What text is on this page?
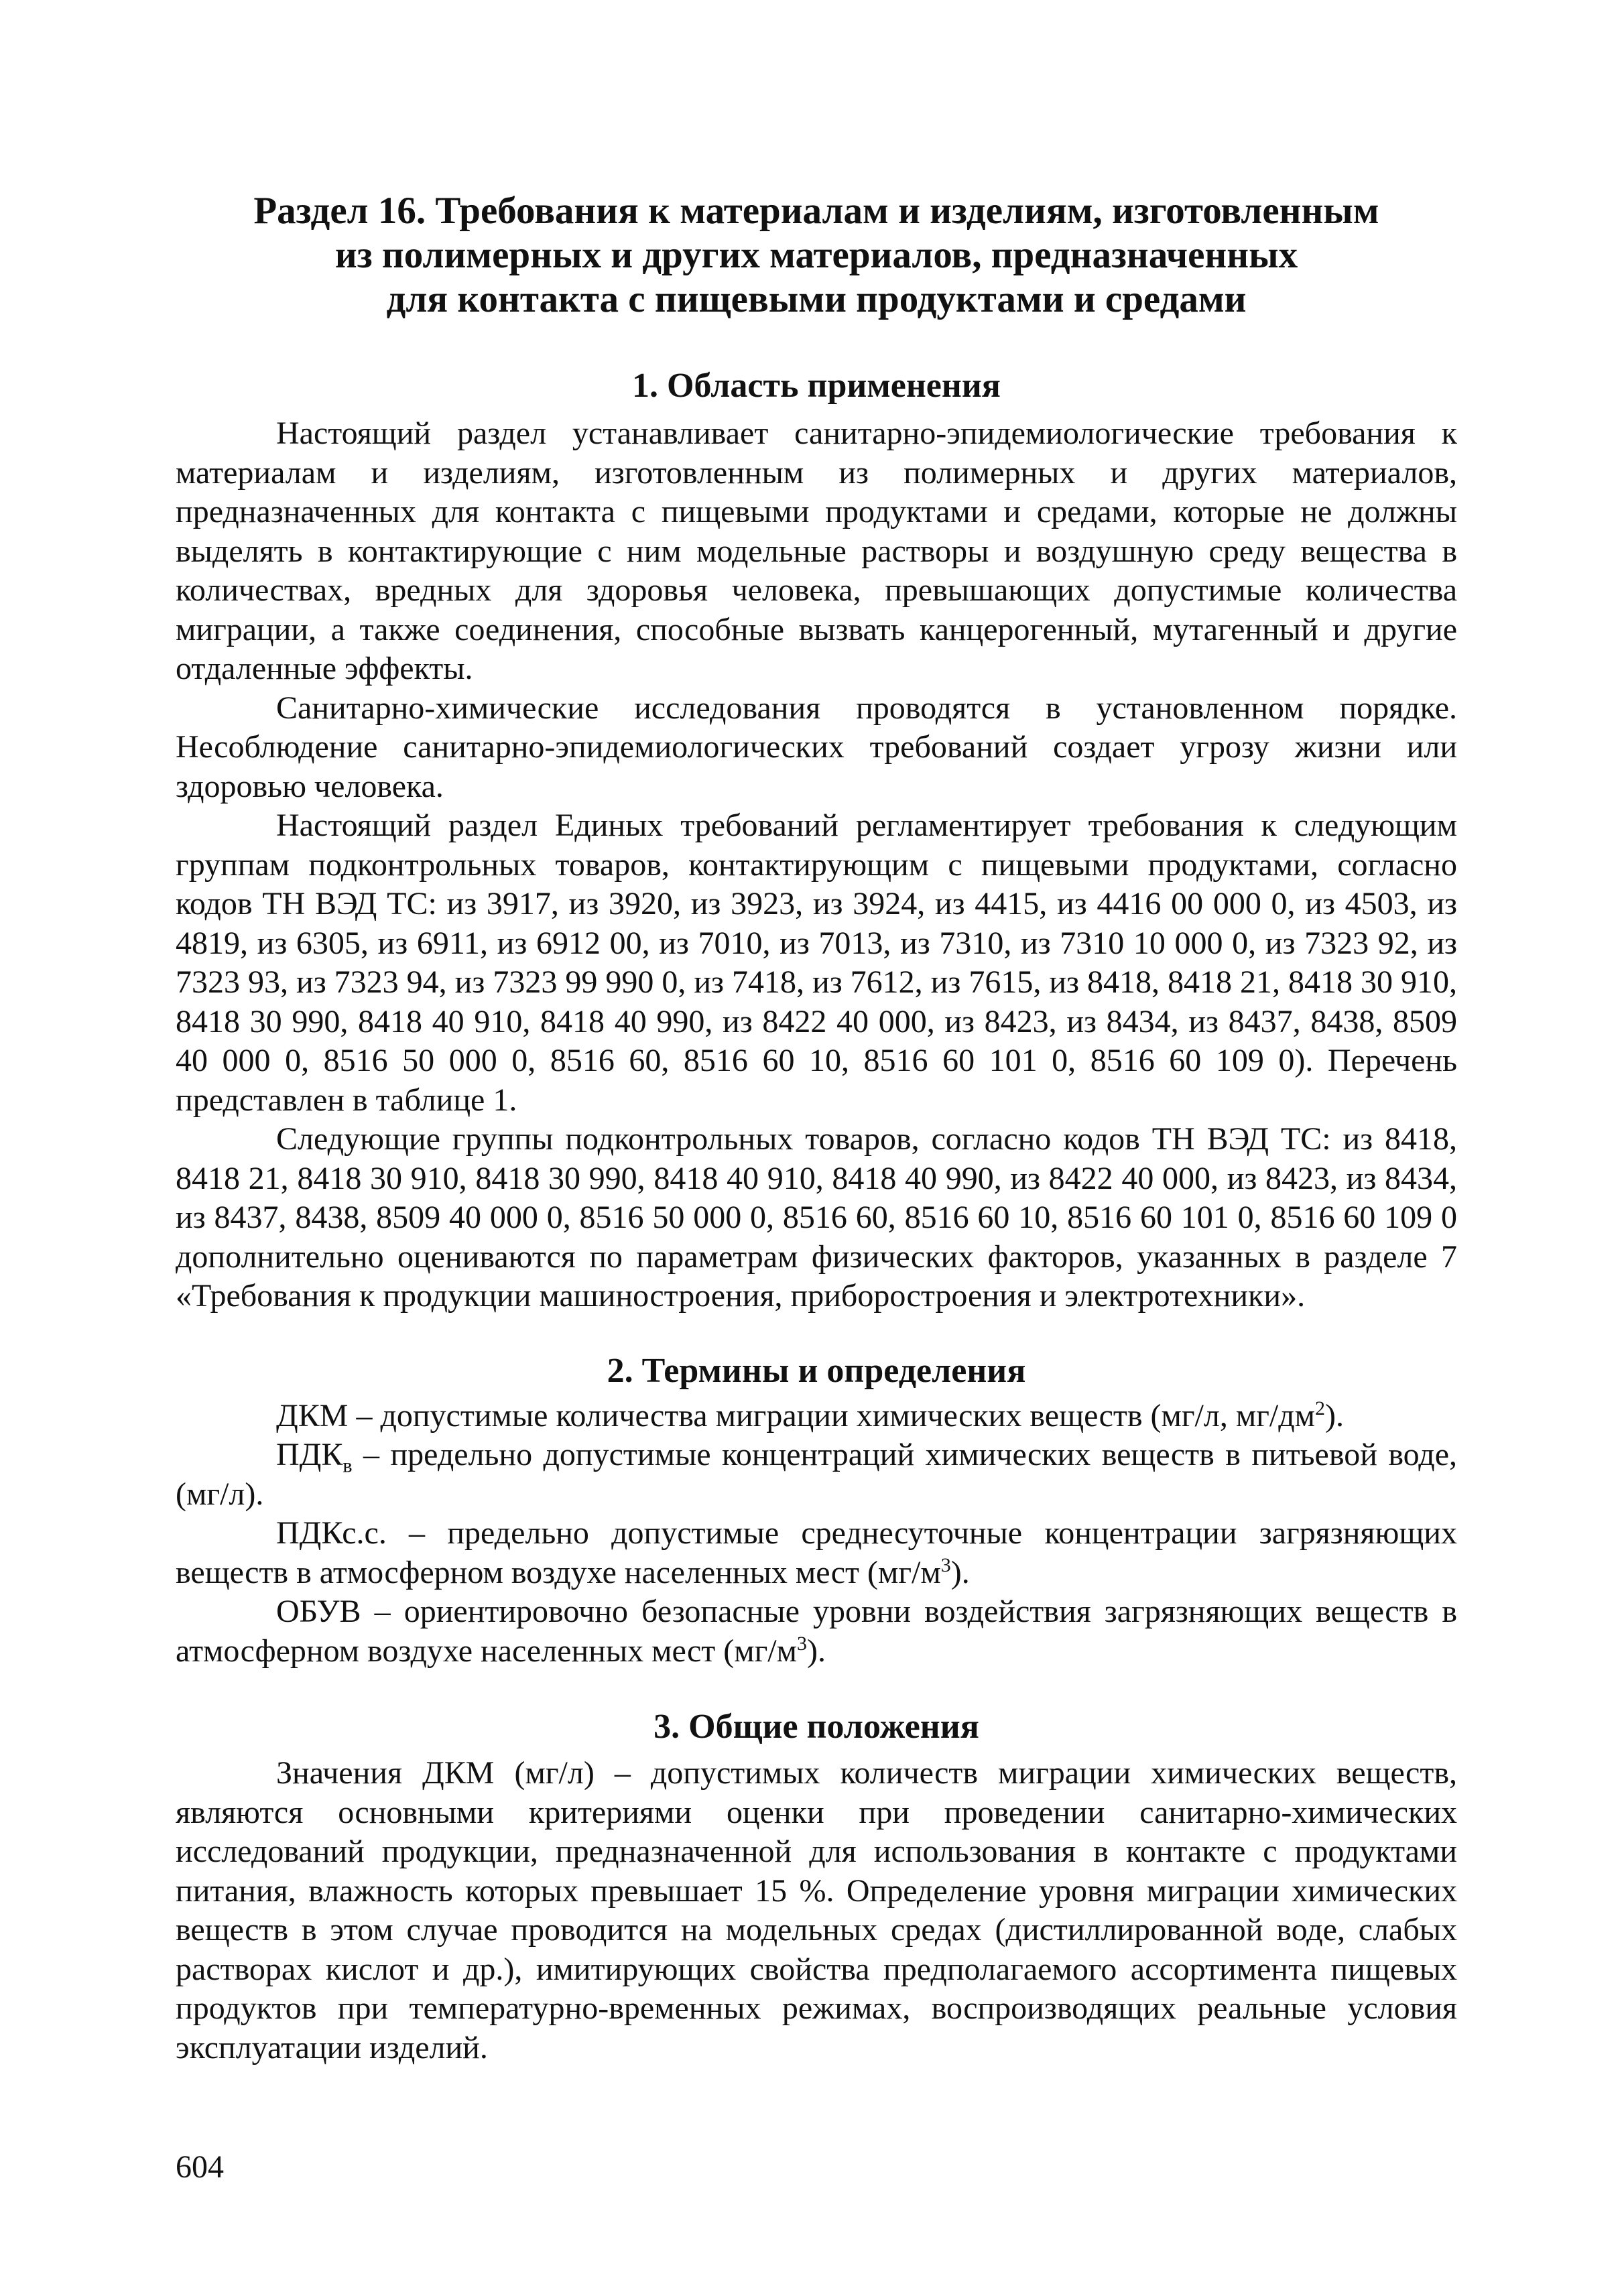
Раздел 16. Требования к материалам и изделиям, изготовленным
из полимерных и других материалов, предназначенных
для контакта с пищевыми продуктами и средами
1. Область применения

Настоящий раздел устанавливает санитарно-эпидемиологические требования к материалам и изделиям, изготовленным из полимерных и других материалов, предназначенных для контакта с пищевыми продуктами и средами, которые не должны выделять в контактирующие с ним модельные растворы и воздушную среду вещества в количествах, вредных для здоровья человека, превышающих допустимые количества миграции, а также соединения, способные вызвать канцерогенный, мутагенный и другие отдаленные эффекты.

Санитарно-химические исследования проводятся в установленном порядке. Несоблюдение санитарно-эпидемиологических требований создает угрозу жизни или здоровью человека.

Настоящий раздел Единых требований регламентирует требования к следующим группам подконтрольных товаров, контактирующим с пищевыми продуктами, согласно кодов ТН ВЭД ТС: из 3917, из 3920, из 3923, из 3924, из 4415, из 4416 00 000 0, из 4503, из 4819, из 6305, из 6911, из 6912 00, из 7010, из 7013, из 7310, из 7310 10 000 0, из 7323 92, из 7323 93, из 7323 94, из 7323 99 990 0, из 7418, из 7612, из 7615, из 8418, 8418 21, 8418 30 910, 8418 30 990, 8418 40 910, 8418 40 990, из 8422 40 000, из 8423, из 8434, из 8437, 8438, 8509 40 000 0, 8516 50 000 0, 8516 60, 8516 60 10, 8516 60 101 0, 8516 60 109 0). Перечень представлен в таблице 1.

Следующие группы подконтрольных товаров, согласно кодов ТН ВЭД ТС: из 8418, 8418 21, 8418 30 910, 8418 30 990, 8418 40 910, 8418 40 990, из 8422 40 000, из 8423, из 8434, из 8437, 8438, 8509 40 000 0, 8516 50 000 0, 8516 60, 8516 60 10, 8516 60 101 0, 8516 60 109 0 дополнительно оцениваются по параметрам физических факторов, указанных в разделе 7 «Требования к продукции машиностроения, приборостроения и электротехники».

2. Термины и определения

ДКМ – допустимые количества миграции химических веществ (мг/л, $мг/дм^2$).

$ПДК_в$ – предельно допустимые концентраций химических веществ в питьевой воде, (мг/л).

ПДКс.с. – предельно допустимые среднесуточные концентрации загрязняющих веществ в атмосферном воздухе населенных мест $(мг/м^3)$.

ОБУВ – ориентировочно безопасные уровни воздействия загрязняющих веществ в атмосферном воздухе населенных мест $(мг/м^3)$.

3. Общие положения

Значения ДКМ (мг/л) – допустимых количеств миграции химических веществ, являются основными критериями оценки при проведении санитарно-химических исследований продукции, предназначенной для использования в контакте с продуктами питания, влажность которых превышает 15 %. Определение уровня миграции химических веществ в этом случае проводится на модельных средах (дистиллированной воде, слабых растворах кислот и др.), имитирующих свойства предполагаемого ассортимента пищевых продуктов при температурно-временных режимах, воспроизводящих реальные условия эксплуатации изделий.

604
